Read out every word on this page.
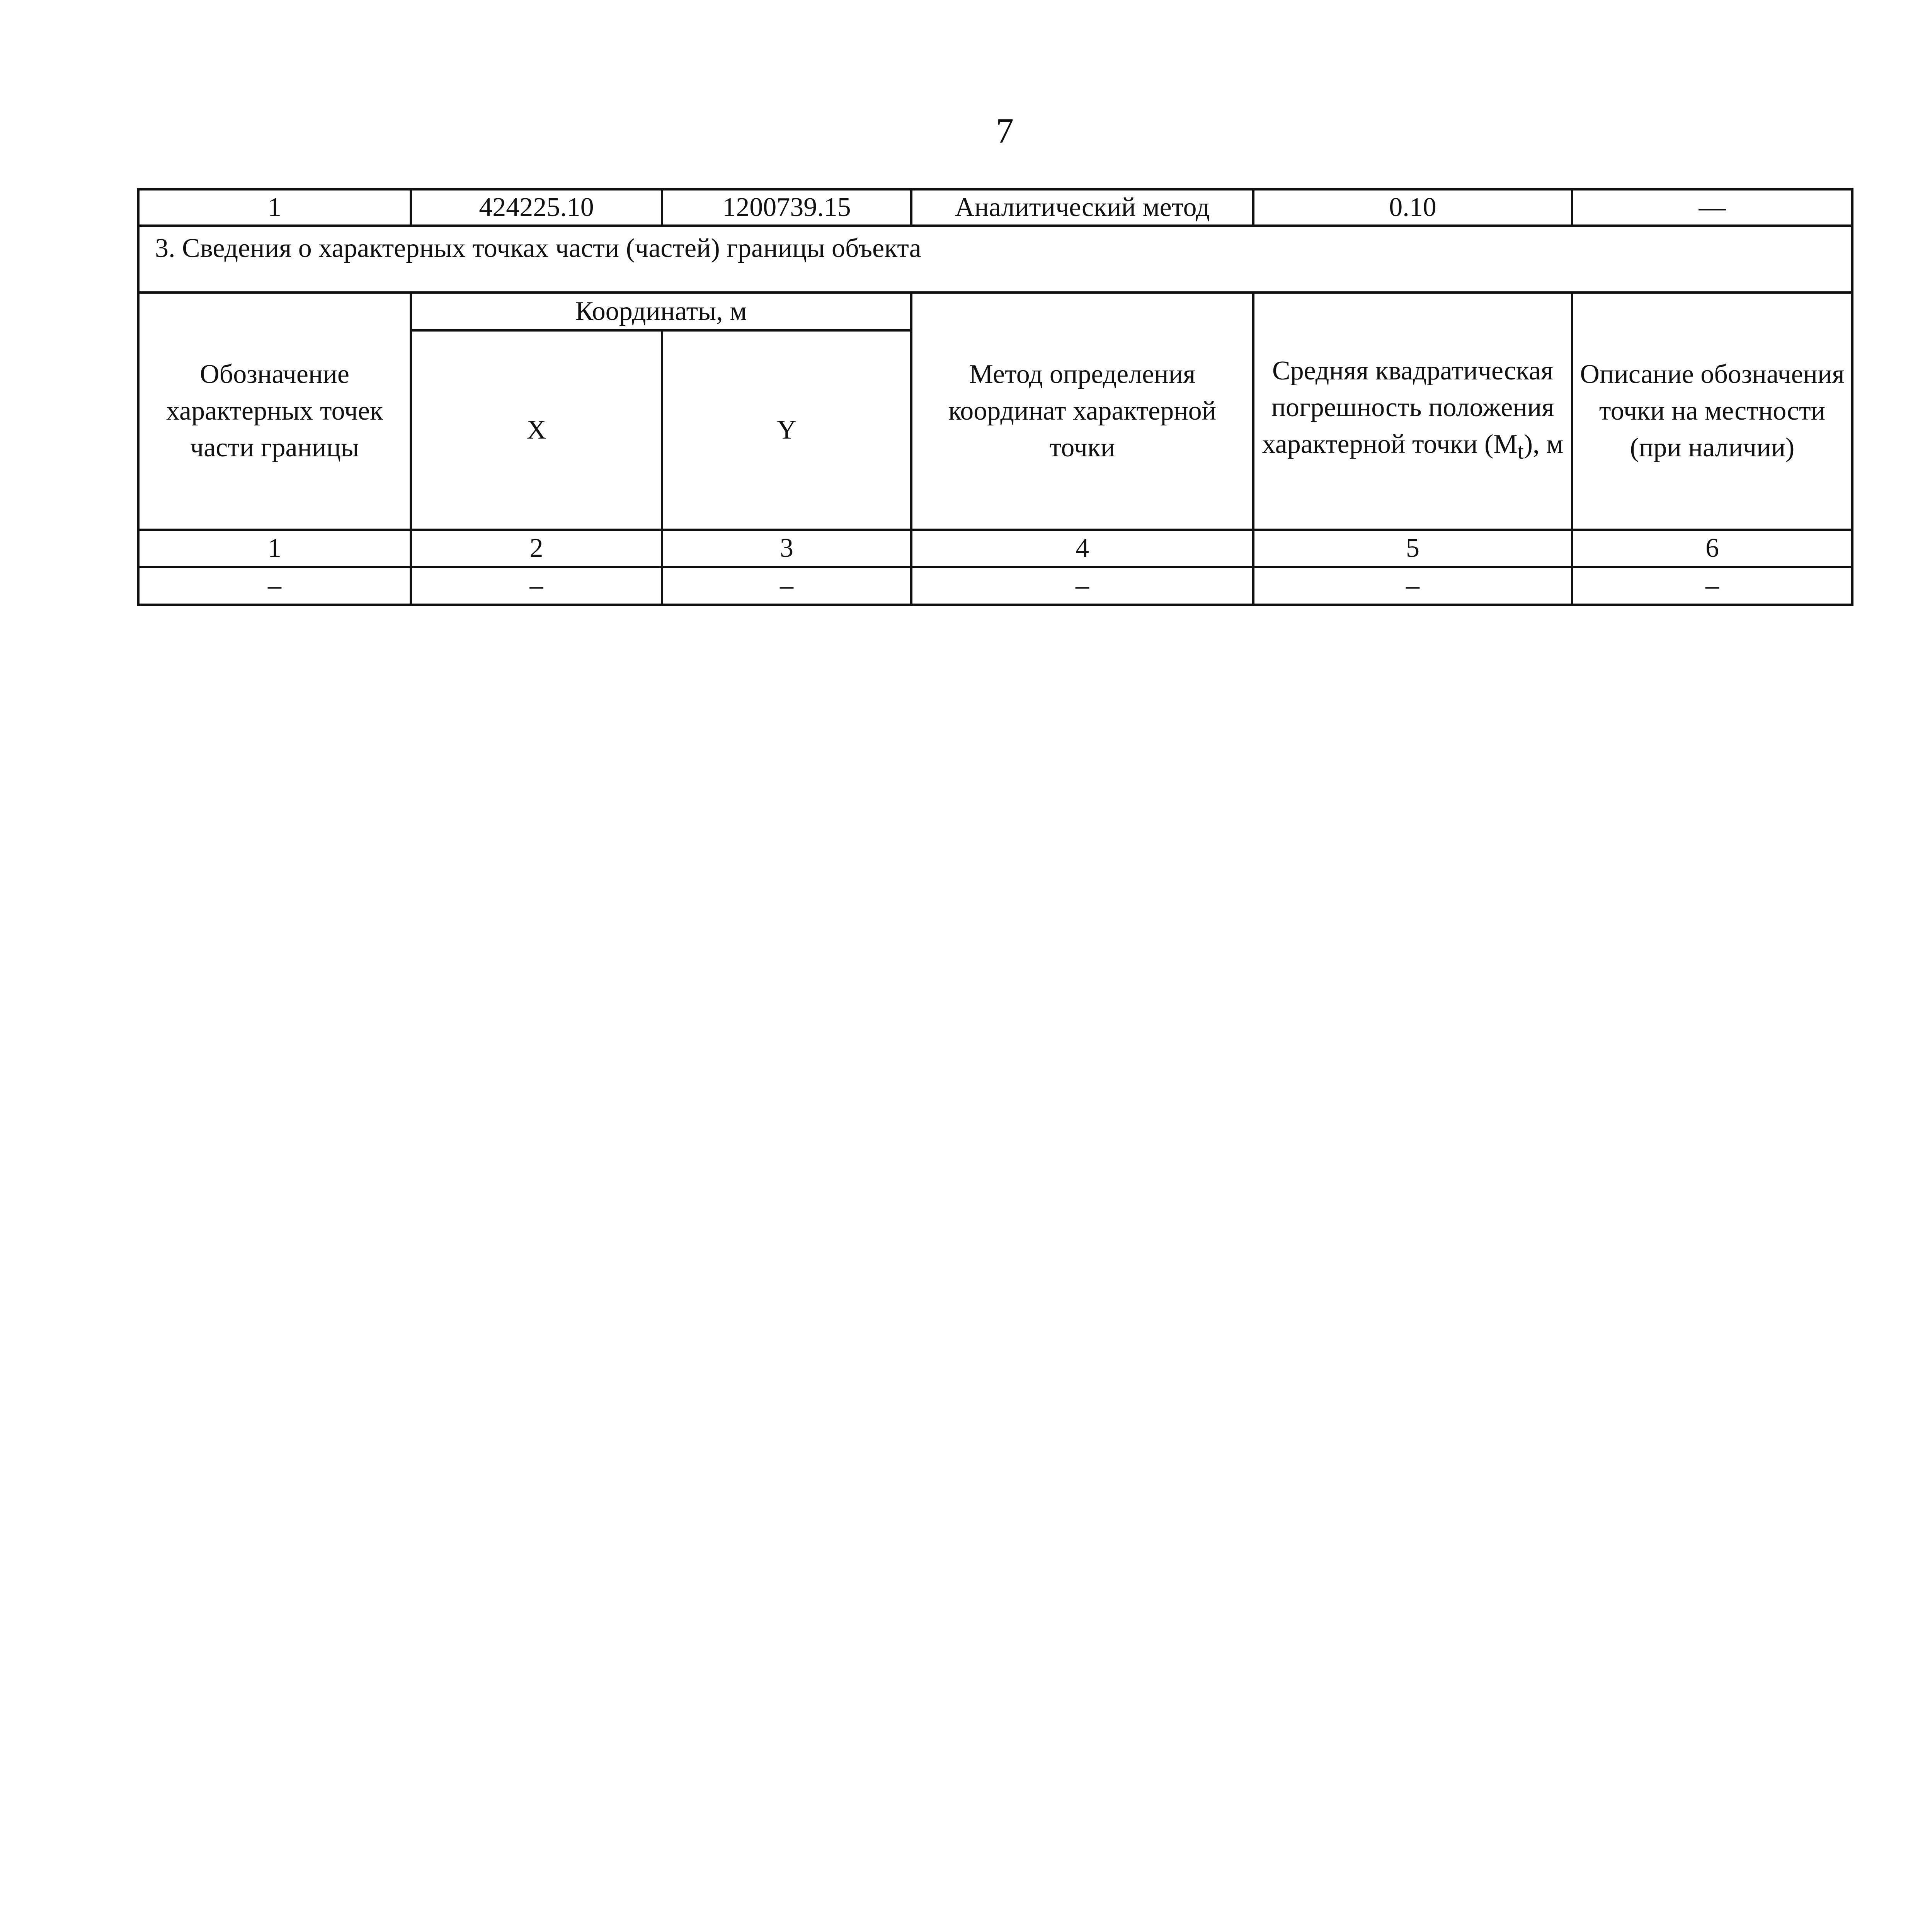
7
1	424225.10	1200739.15	Аналитический метод	0.10	—
3. Сведения о характерных точках части (частей) границы объекта					
Обозначение характерных точек части границы	Координаты, м		Метод определения координат характерной точки	Средняя квадратическая погрешность положения характерной точки $(M_t)$, м	Описание обозначения точки на местности (при наличии)
	X	Y			
1	2	3	4	5	6
–	–	–	–	–	–
